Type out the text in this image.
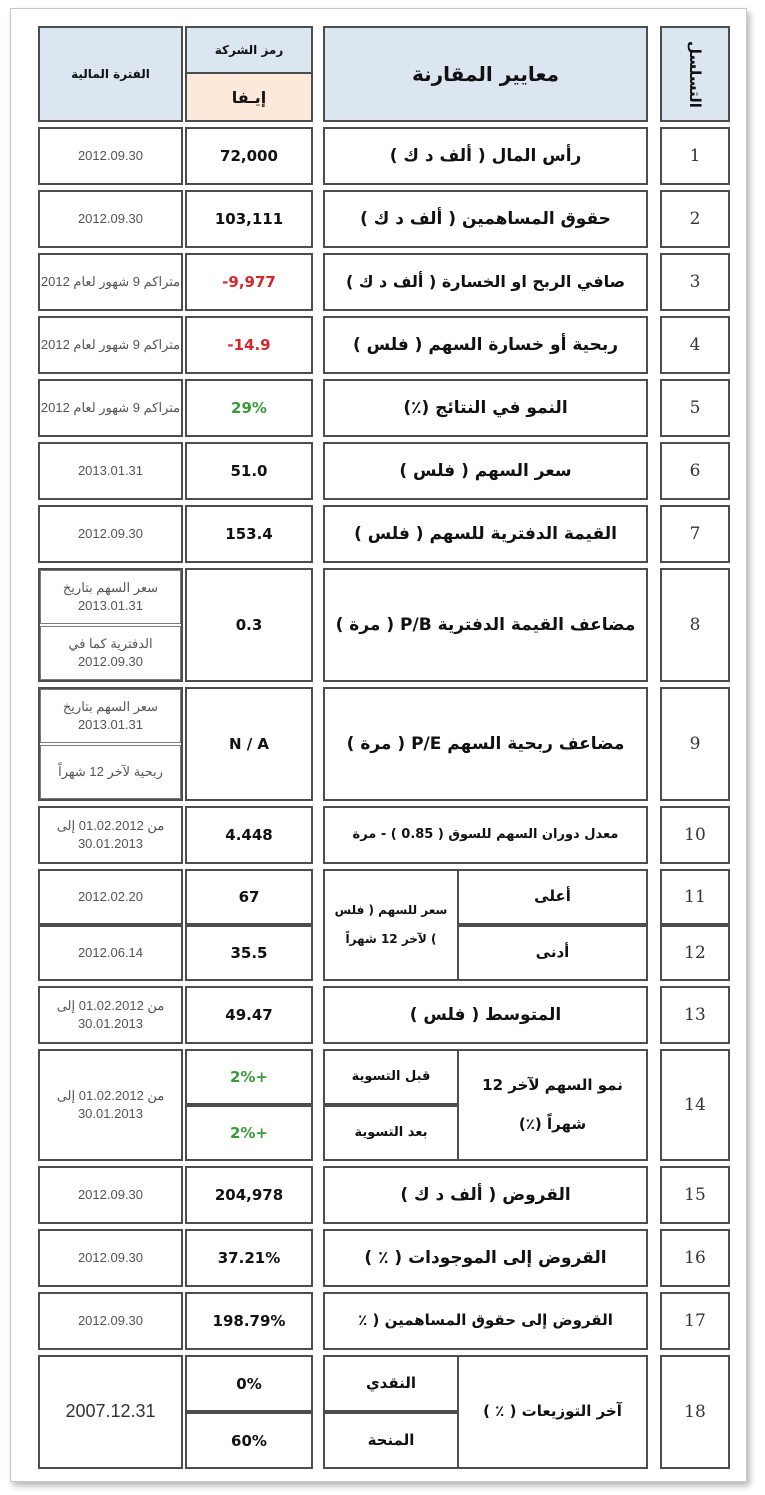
التسلسل
معايير المقارنة
رمز الشركة
إيـفا
الفترة المالية
1
رأس المال ( ألف د ك )
72,000
2012.09.30
2
حقوق المساهمين ( ألف د ك )
103,111
2012.09.30
3
صافي الربح او الخسارة ( ألف د ك )
-9,977
متراكم 9 شهور لعام 2012
4
ربحية أو خسارة السهم ( فلس )
-14.9
متراكم 9 شهور لعام 2012
5
النمو في النتائج (٪)
29%
متراكم 9 شهور لعام 2012
6
سعر السهم ( فلس )
51.0
2013.01.31
7
القيمة الدفترية للسهم ( فلس )
153.4
2012.09.30
8
مضاعف القيمة الدفترية P/B ( مرة )
0.3
سعر السهم بتاريخ 2013.01.31
الدفترية كما في 2012.09.30
9
مضاعف ربحية السهم P/E ( مرة )
N / A
سعر السهم بتاريخ 2013.01.31
ربحية لآخر 12 شهراً
10
معدل دوران السهم للسوق ( 0.85 ) - مرة
4.448
من 01.02.2012 إلى 30.01.2013
11
12
أعلى
أدنى
سعر للسهم ( فلس ) لآخر 12 شهراً
67
35.5
2012.02.20
2012.06.14
13
المتوسط ( فلس )
49.47
من 01.02.2012 إلى 30.01.2013
14
نمو السهم لآخر 12 شهراً (٪)
قبل التسوية
بعد التسوية
2%+
2%+
من 01.02.2012 إلى 30.01.2013
15
القروض ( ألف د ك )
204,978
2012.09.30
16
القروض إلى الموجودات ( ٪ )
37.21%
2012.09.30
17
القروض إلى حقوق المساهمين ( ٪
198.79%
2012.09.30
18
آخر التوزيعات ( ٪ )
النقدي
المنحة
0%
60%
2007.12.31
